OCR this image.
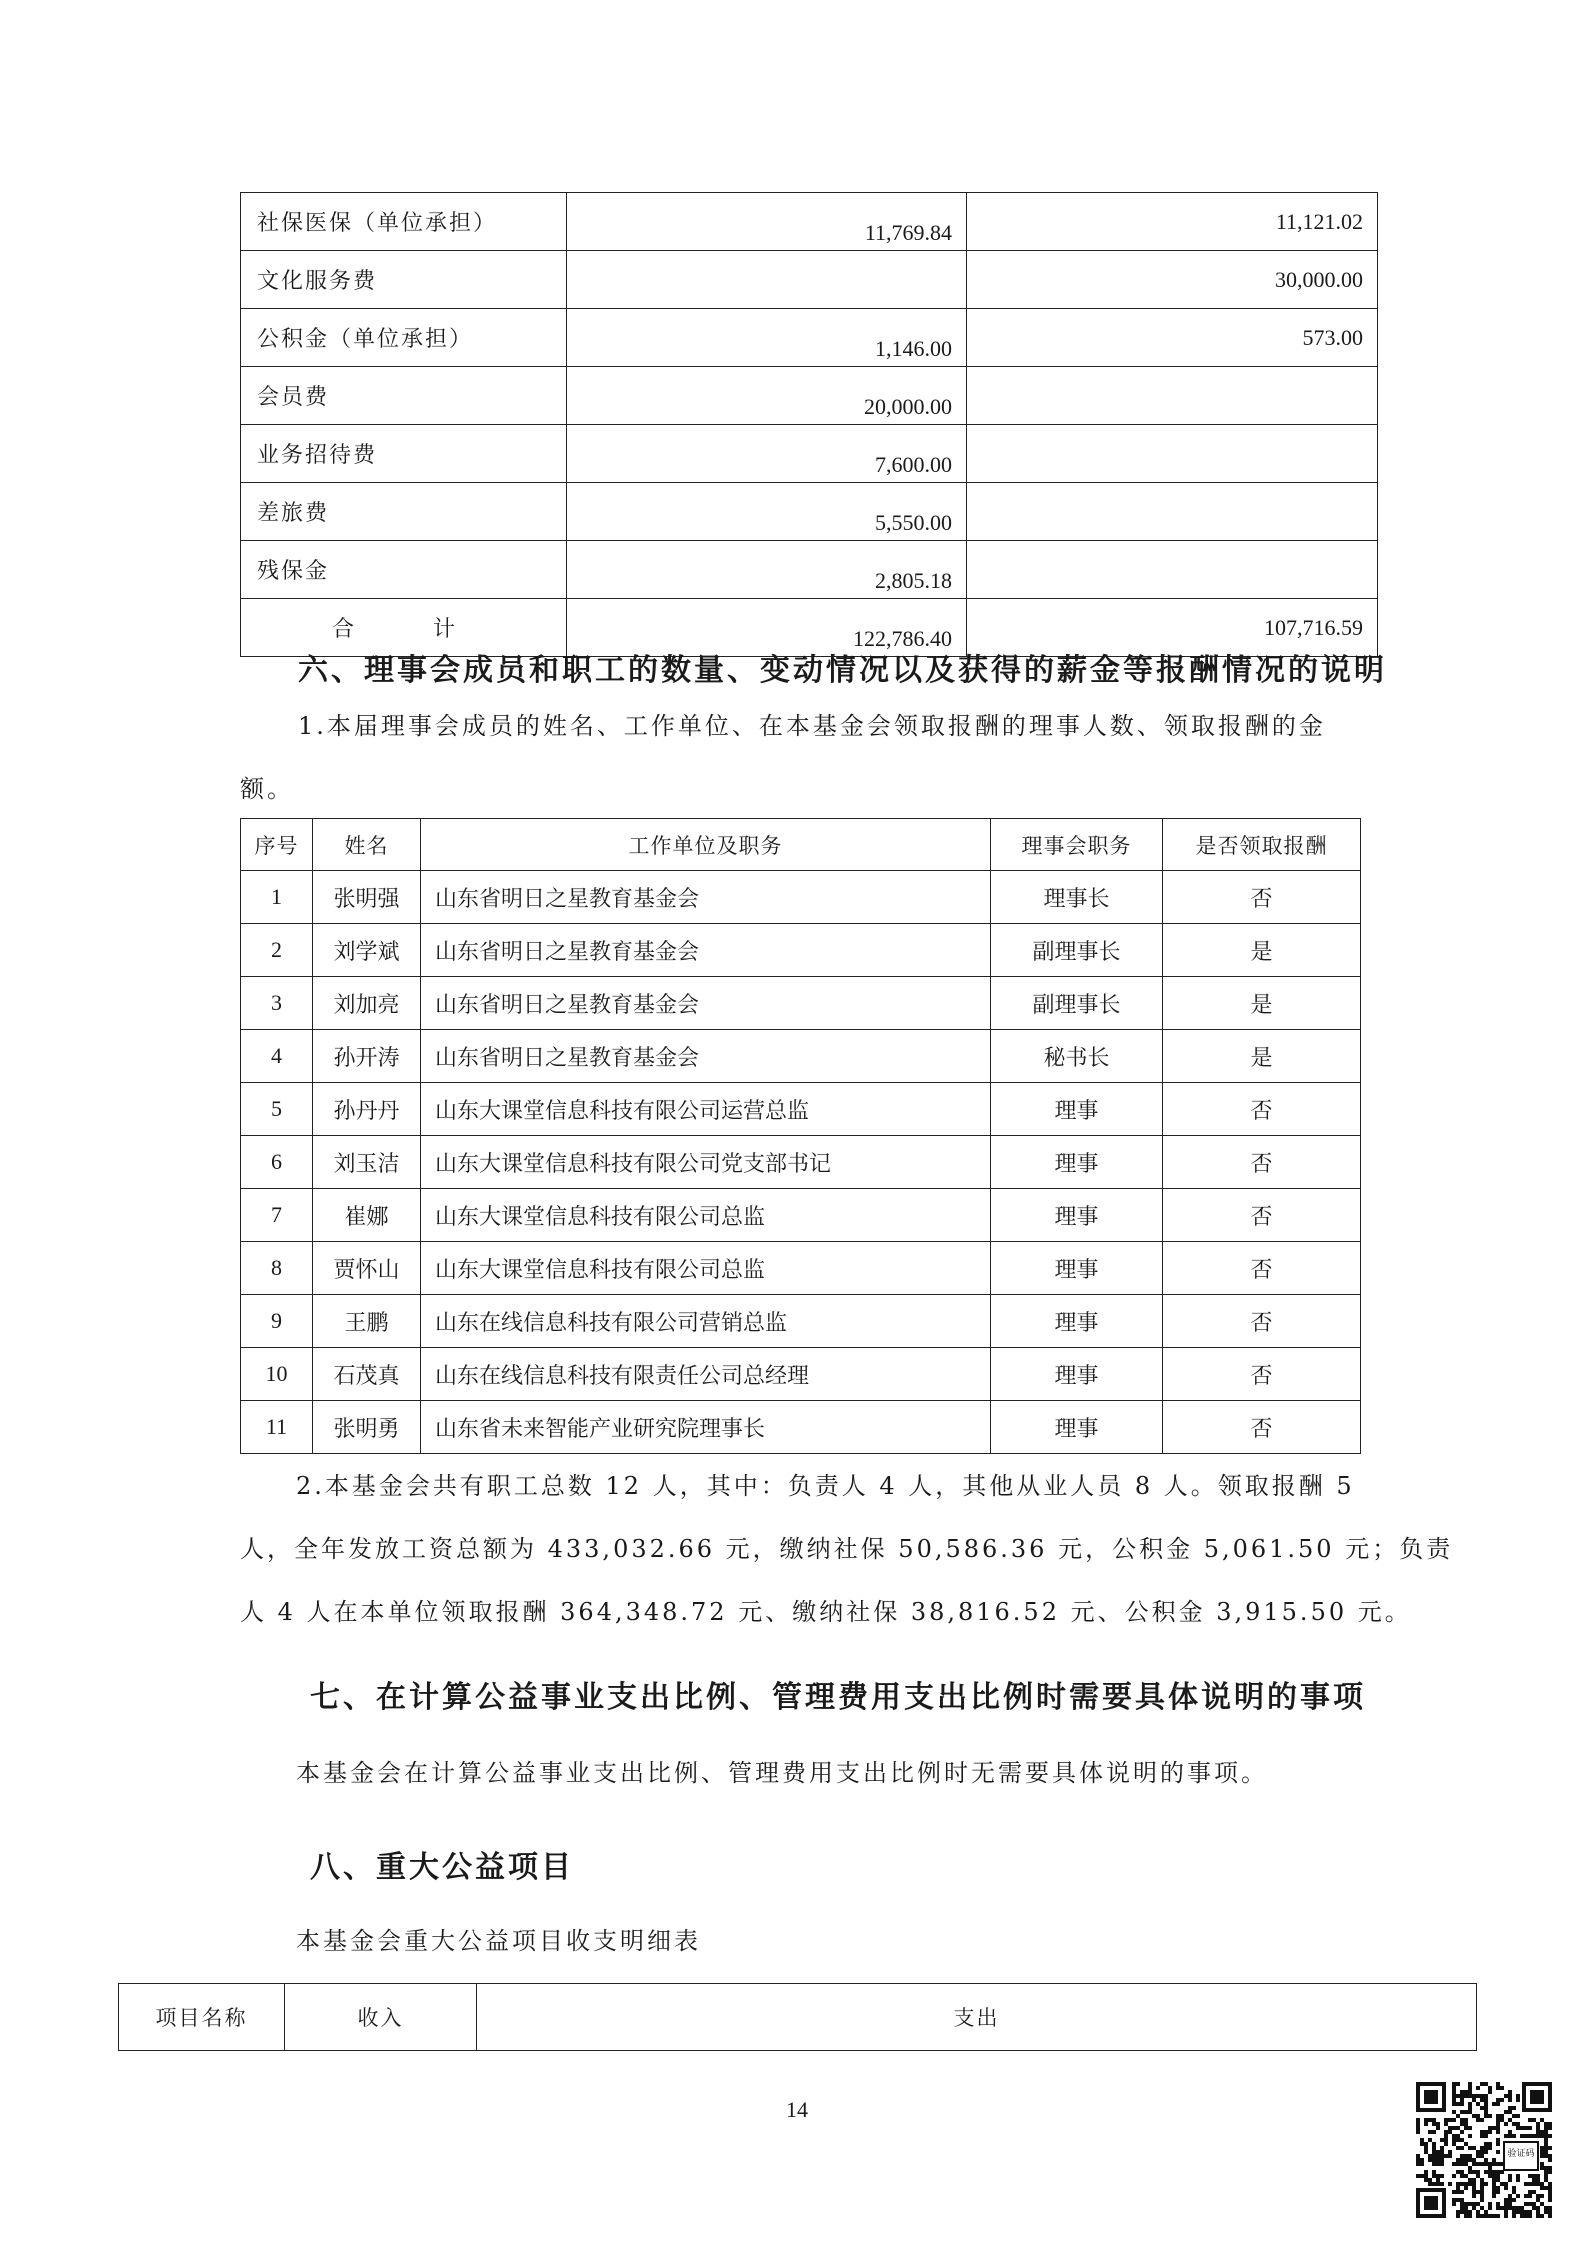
社保医保（单位承担）	11,769.84	11,121.02
文化服务费		30,000.00
公积金（单位承担）	1,146.00	573.00
会员费	20,000.00	
业务招待费	7,600.00	
差旅费	5,550.00	
残保金	2,805.18	
合 计	122,786.40	107,716.59
六、理事会成员和职工的数量、变动情况以及获得的薪金等报酬情况的说明
1.本届理事会成员的姓名、工作单位、在本基金会领取报酬的理事人数、领取报酬的金
额。
序号	姓名	工作单位及职务	理事会职务	是否领取报酬
1	张明强	山东省明日之星教育基金会	理事长	否
2	刘学斌	山东省明日之星教育基金会	副理事长	是
3	刘加亮	山东省明日之星教育基金会	副理事长	是
4	孙开涛	山东省明日之星教育基金会	秘书长	是
5	孙丹丹	山东大课堂信息科技有限公司运营总监	理事	否
6	刘玉洁	山东大课堂信息科技有限公司党支部书记	理事	否
7	崔娜	山东大课堂信息科技有限公司总监	理事	否
8	贾怀山	山东大课堂信息科技有限公司总监	理事	否
9	王鹏	山东在线信息科技有限公司营销总监	理事	否
10	石茂真	山东在线信息科技有限责任公司总经理	理事	否
11	张明勇	山东省未来智能产业研究院理事长	理事	否
2.本基金会共有职工总数 12 人，其中：负责人 4 人，其他从业人员 8 人。领取报酬 5
人，全年发放工资总额为 433,032.66 元，缴纳社保 50,586.36 元，公积金 5,061.50 元；负责
人 4 人在本单位领取报酬 364,348.72 元、缴纳社保 38,816.52 元、公积金 3,915.50 元。
七、在计算公益事业支出比例、管理费用支出比例时需要具体说明的事项
本基金会在计算公益事业支出比例、管理费用支出比例时无需要具体说明的事项。
八、重大公益项目
本基金会重大公益项目收支明细表
项目名称	收入	支出
14
验证码
